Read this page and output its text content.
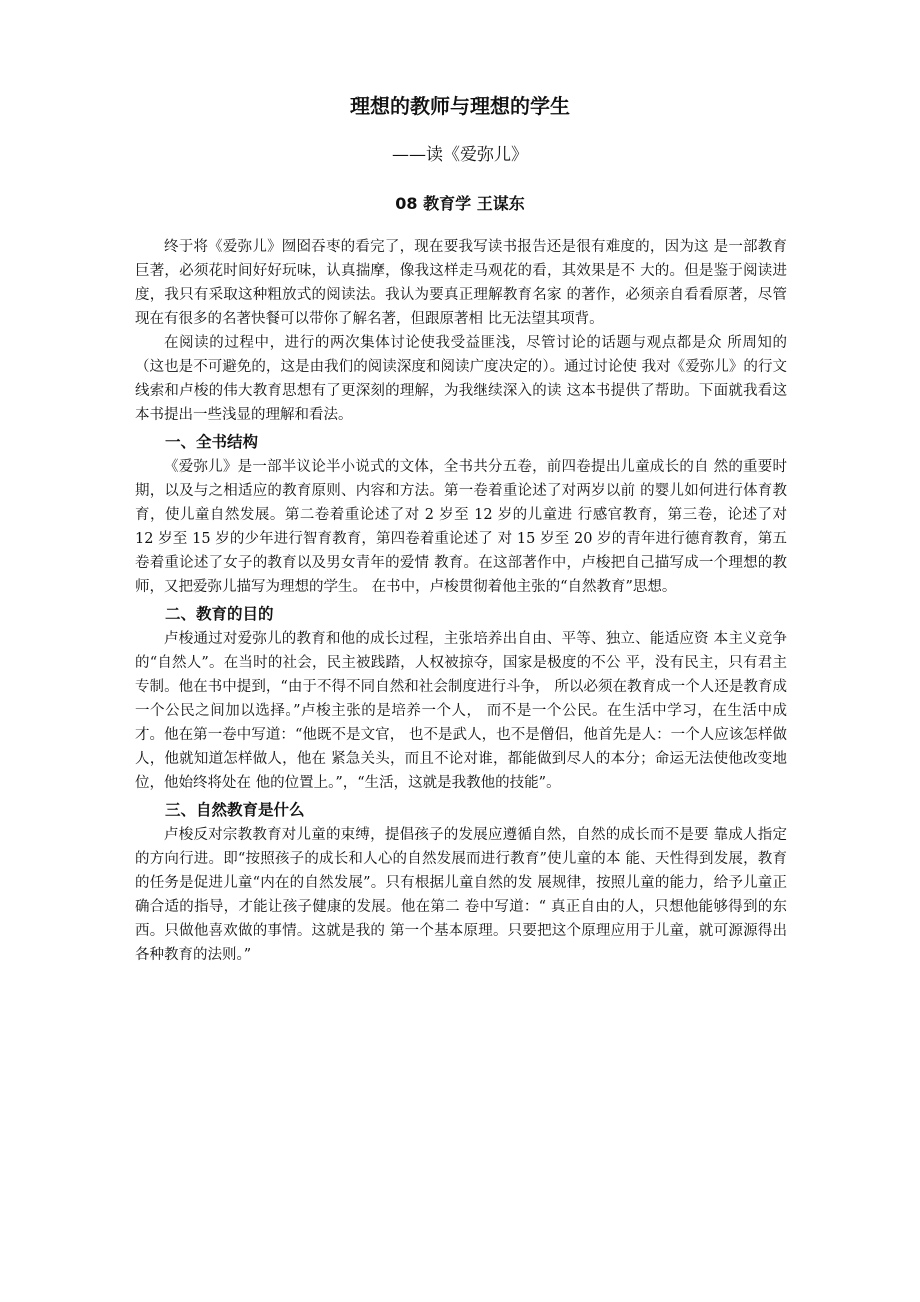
理想的教师与理想的学生
——读《爱弥儿》
08 教育学 王谋东

终于将《爱弥儿》囫囵吞枣的看完了，现在要我写读书报告还是很有难度的，因为这 是一部教育巨著，必须花时间好好玩味，认真揣摩，像我这样走马观花的看，其效果是不 大的。但是鉴于阅读进度，我只有采取这种粗放式的阅读法。我认为要真正理解教育名家 的著作，必须亲自看看原著，尽管现在有很多的名著快餐可以带你了解名著，但跟原著相 比无法望其项背。

在阅读的过程中，进行的两次集体讨论使我受益匪浅，尽管讨论的话题与观点都是众 所周知的（这也是不可避免的，这是由我们的阅读深度和阅读广度决定的）。通过讨论使 我对《爱弥儿》的行文线索和卢梭的伟大教育思想有了更深刻的理解，为我继续深入的读 这本书提供了帮助。下面就我看这本书提出一些浅显的理解和看法。

一、全书结构

《爱弥儿》是一部半议论半小说式的文体，全书共分五卷，前四卷提出儿童成长的自 然的重要时期，以及与之相适应的教育原则、内容和方法。第一卷着重论述了对两岁以前 的婴儿如何进行体育教育，使儿童自然发展。第二卷着重论述了对 2 岁至 12 岁的儿童进 行感官教育，第三卷，论述了对 12 岁至 15 岁的少年进行智育教育，第四卷着重论述了 对 15 岁至 20 岁的青年进行德育教育，第五卷着重论述了女子的教育以及男女青年的爱情 教育。在这部著作中，卢梭把自己描写成一个理想的教师，又把爱弥儿描写为理想的学生。 在书中，卢梭贯彻着他主张的“自然教育”思想。

二、教育的目的

卢梭通过对爱弥儿的教育和他的成长过程，主张培养出自由、平等、独立、能适应资 本主义竞争的“自然人”。在当时的社会，民主被践踏，人权被掠夺，国家是极度的不公 平，没有民主，只有君主专制。他在书中提到，“由于不得不同自然和社会制度进行斗争， 所以必须在教育成一个人还是教育成一个公民之间加以选择。”卢梭主张的是培养一个人， 而不是一个公民。在生活中学习，在生活中成才。他在第一卷中写道：“他既不是文官， 也不是武人，也不是僧侣，他首先是人：一个人应该怎样做人，他就知道怎样做人，他在 紧急关头，而且不论对谁，都能做到尽人的本分；命运无法使他改变地位，他始终将处在 他的位置上。”，“生活，这就是我教他的技能”。

三、自然教育是什么

卢梭反对宗教教育对儿童的束缚，提倡孩子的发展应遵循自然，自然的成长而不是要 靠成人指定的方向行进。即“按照孩子的成长和人心的自然发展而进行教育”使儿童的本 能、天性得到发展，教育的任务是促进儿童“内在的自然发展”。只有根据儿童自然的发 展规律，按照儿童的能力，给予儿童正确合适的指导，才能让孩子健康的发展。他在第二 卷中写道：“ 真正自由的人，只想他能够得到的东西。只做他喜欢做的事情。这就是我的 第一个基本原理。只要把这个原理应用于儿童，就可源源得出各种教育的法则。”
